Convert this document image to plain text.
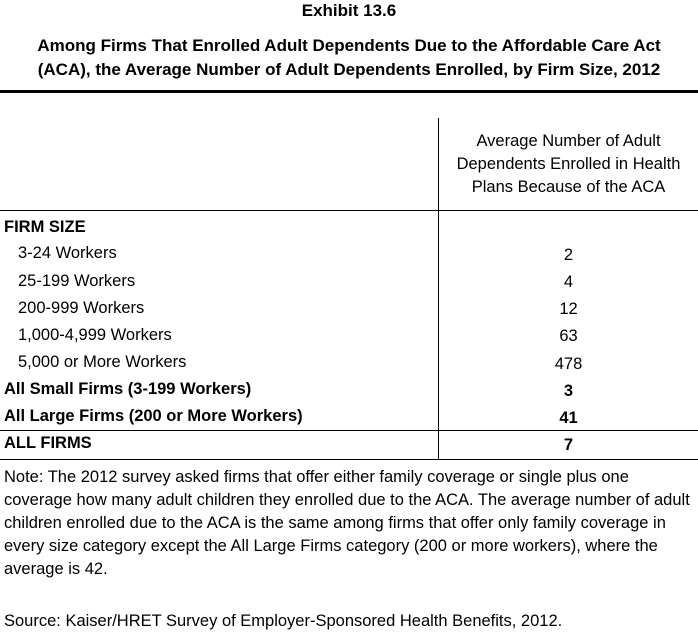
Exhibit 13.6
Among Firms That Enrolled Adult Dependents Due to the Affordable Care Act
(ACA), the Average Number of Adult Dependents Enrolled, by Firm Size, 2012
Average Number of Adult
Dependents Enrolled in Health
Plans Because of the ACA
FIRM SIZE
3-24 Workers	2
25-199 Workers	4
200-999 Workers	12
1,000-4,999 Workers	63
5,000 or More Workers	478
All Small Firms (3-199 Workers)	3
All Large Firms (200 or More Workers)	41
ALL FIRMS	7
Note: The 2012 survey asked firms that offer either family coverage or single plus one coverage how many adult children they enrolled due to the ACA. The average number of adult children enrolled due to the ACA is the same among firms that offer only family coverage in every size category except the All Large Firms category (200 or more workers), where the average is 42.
Source: Kaiser/HRET Survey of Employer-Sponsored Health Benefits, 2012.
